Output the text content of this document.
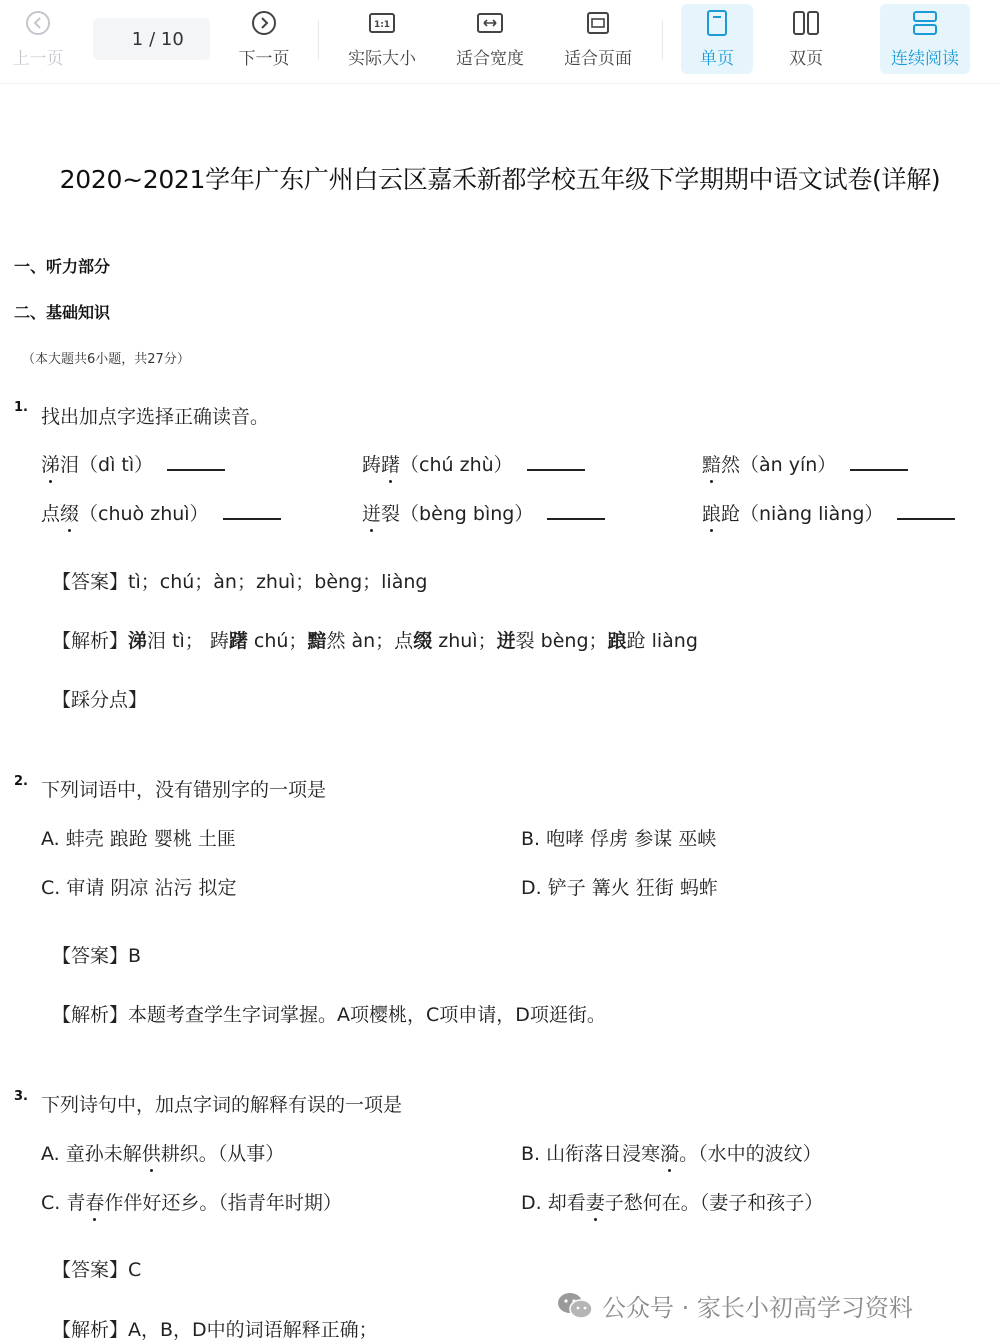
上一页
1
/ 10
下一页
1:1
实际大小 适合宽度 适合页面	单页	双页	连续阅读
2020~2021学年广东广州白云区嘉禾新都学校五年级下学期期中语文试卷(详解)
一、听力部分
二、基础知识
（本大题共6小题，共27分）
1. 找出加点字选择正确读音。
涕泪（dì tì）	踌躇（chú zhù）	黯然（àn yín）
点缀（chuò zhuì）	迸裂（bèng bìng）	踉跄（niàng liàng）
【答案】tì；chú；àn；zhuì；bèng；liàng
【解析】涕泪 tì； 踌躇 chú；黯然 àn；点缀 zhuì；迸裂 bèng；踉跄 liàng
【踩分点】
2. 下列词语中，没有错别字的一项是
A. 蚌壳 踉跄 婴桃 土匪	B. 咆哮 俘虏 参谋 巫峡
C. 审请 阴凉 沾污 拟定	D. 铲子 篝火 狂街 蚂蚱
【答案】B
【解析】本题考查学生字词掌握。A项樱桃，C项申请，D项逛街。
3. 下列诗句中，加点字词的解释有误的一项是
A. 童孙未解供耕织。（从事）	B. 山衔落日浸寒漪。（水中的波纹）
C. 青春作伴好还乡。（指青年时期）	D. 却看妻子愁何在。（妻子和孩子）
【答案】C
【解析】A，B，D中的词语解释正确；
公众号 · 家长小初高学习资料
